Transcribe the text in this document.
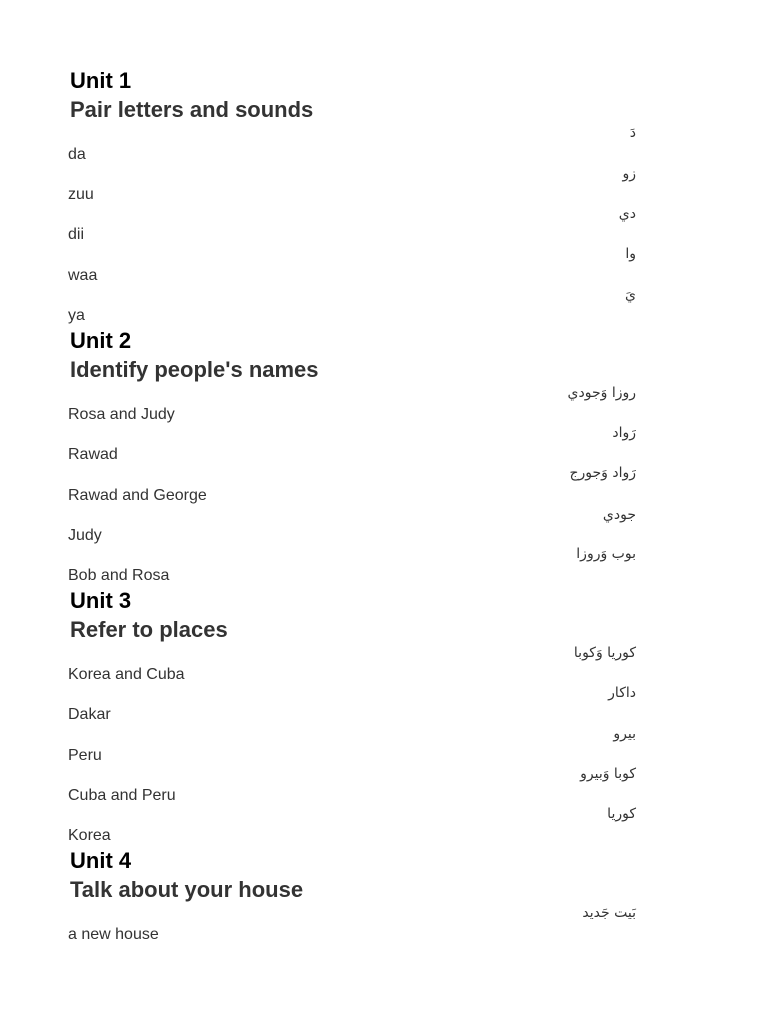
Unit 1
Pair letters and sounds
دَ
da
زو
zuu
دي
dii
وا
waa
يَ
ya
Unit 2
Identify people's names
روزا وَجودي
Rosa and Judy
رَواد
Rawad
رَواد وَجورج
Rawad and George
جودي
Judy
بوب وَروزا
Bob and Rosa
Unit 3
Refer to places
كوريا وَكوبا
Korea and Cuba
داكار
Dakar
بيرو
Peru
كوبا وَبيرو
Cuba and Peru
كوريا
Korea
Unit 4
Talk about your house
بَيت جَديد
a new house
